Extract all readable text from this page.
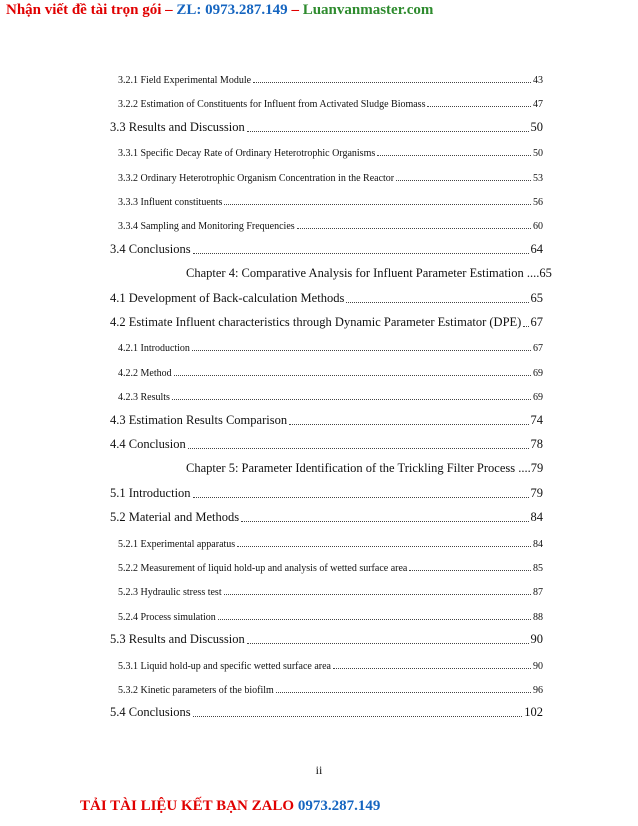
Nhận viết đề tài trọn gói – ZL: 0973.287.149 – Luanvanmaster.com
3.2.1 Field Experimental Module	43
3.2.2 Estimation of Constituents for Influent from Activated Sludge Biomass	47
3.3 Results and Discussion	50
3.3.1 Specific Decay Rate of Ordinary Heterotrophic Organisms	50
3.3.2 Ordinary Heterotrophic Organism Concentration in the Reactor	53
3.3.3 Influent constituents	56
3.3.4 Sampling and Monitoring Frequencies	60
3.4 Conclusions	64
Chapter 4: Comparative Analysis for Influent Parameter Estimation ....	65
4.1 Development of Back-calculation Methods	65
4.2 Estimate Influent characteristics through Dynamic Parameter Estimator (DPE) 67
4.2.1 Introduction	67
4.2.2 Method	69
4.2.3 Results	69
4.3 Estimation Results Comparison	74
4.4 Conclusion	78
Chapter 5: Parameter Identification of the Trickling Filter Process ....	79
5.1 Introduction	79
5.2 Material and Methods	84
5.2.1 Experimental apparatus	84
5.2.2 Measurement of liquid hold-up and analysis of wetted surface area	85
5.2.3 Hydraulic stress test	87
5.2.4 Process simulation	88
5.3 Results and Discussion	90
5.3.1 Liquid hold-up and specific wetted surface area	90
5.3.2 Kinetic parameters of the biofilm	96
5.4 Conclusions	102
ii
TẢI TÀI LIỆU KẾT BẠN ZALO 0973.287.149
